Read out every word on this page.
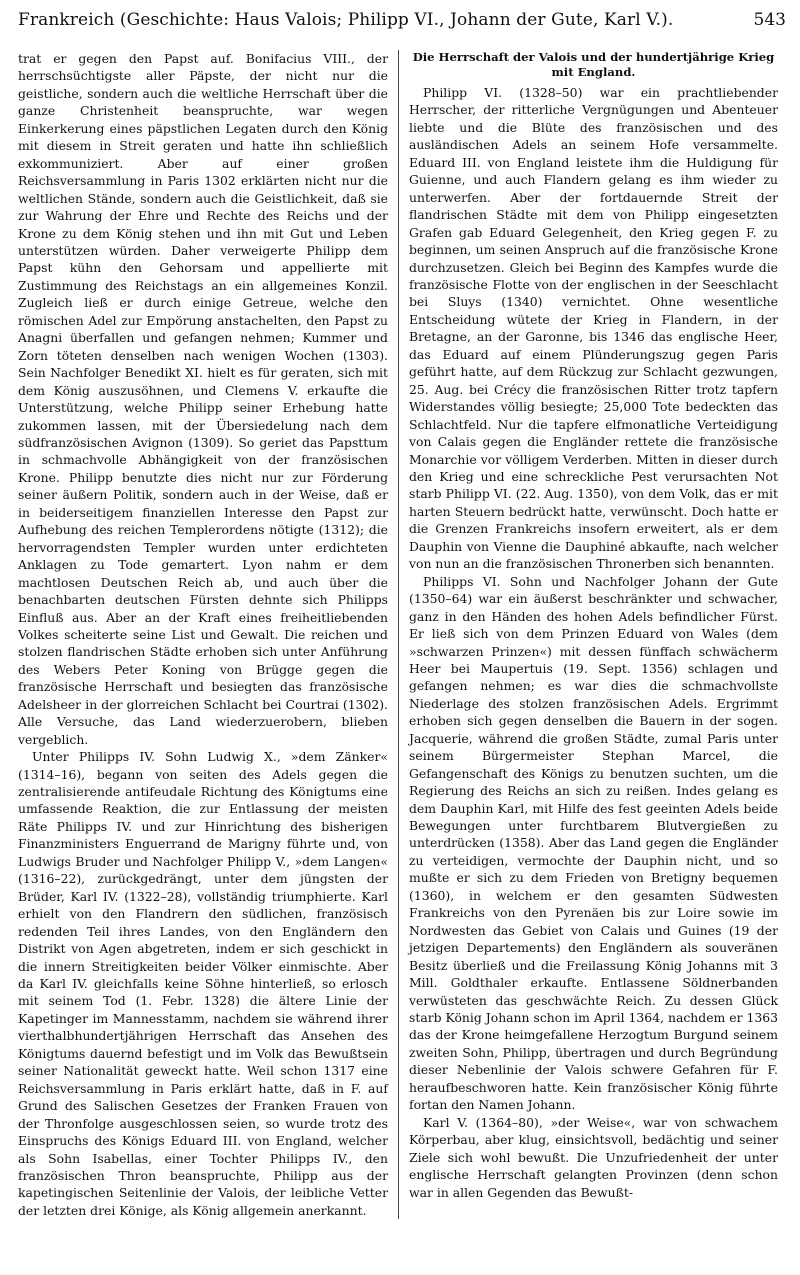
Frankreich (Geschichte: Haus Valois; Philipp VI., Johann der Gute, Karl V.).	543

trat er gegen den Papst auf. Bonifacius VIII., der herrschsüchtigste aller Päpste, der nicht nur die geistliche, sondern auch die weltliche Herrschaft über die ganze Christenheit beanspruchte, war wegen Einkerkerung eines päpstlichen Legaten durch den König mit diesem in Streit geraten und hatte ihn schließlich exkommuniziert. Aber auf einer großen Reichsversammlung in Paris 1302 erklärten nicht nur die weltlichen Stände, sondern auch die Geistlichkeit, daß sie zur Wahrung der Ehre und Rechte des Reichs und der Krone zu dem König stehen und ihn mit Gut und Leben unterstützen würden. Daher verweigerte Philipp dem Papst kühn den Gehorsam und appellierte mit Zustimmung des Reichstags an ein allgemeines Konzil. Zugleich ließ er durch einige Getreue, welche den römischen Adel zur Empörung anstachelten, den Papst zu Anagni überfallen und gefangen nehmen; Kummer und Zorn töteten denselben nach wenigen Wochen (1303). Sein Nachfolger Benedikt XI. hielt es für geraten, sich mit dem König auszusöhnen, und Clemens V. erkaufte die Unterstützung, welche Philipp seiner Erhebung hatte zukommen lassen, mit der Übersiedelung nach dem südfranzösischen Avignon (1309). So geriet das Papsttum in schmachvolle Abhängigkeit von der französischen Krone. Philipp benutzte dies nicht nur zur Förderung seiner äußern Politik, sondern auch in der Weise, daß er in beiderseitigem finanziellen Interesse den Papst zur Aufhebung des reichen Templerordens nötigte (1312); die hervorragendsten Templer wurden unter erdichteten Anklagen zu Tode gemartert. Lyon nahm er dem machtlosen Deutschen Reich ab, und auch über die benachbarten deutschen Fürsten dehnte sich Philipps Einfluß aus. Aber an der Kraft eines freiheitliebenden Volkes scheiterte seine List und Gewalt. Die reichen und stolzen flandrischen Städte erhoben sich unter Anführung des Webers Peter Koning von Brügge gegen die französische Herrschaft und besiegten das französische Adelsheer in der glorreichen Schlacht bei Courtrai (1302). Alle Versuche, das Land wiederzuerobern, blieben vergeblich.

Unter Philipps IV. Sohn Ludwig X., »dem Zänker« (1314–16), begann von seiten des Adels gegen die zentralisierende antifeudale Richtung des Königtums eine umfassende Reaktion, die zur Entlassung der meisten Räte Philipps IV. und zur Hinrichtung des bisherigen Finanzministers Enguerrand de Marigny führte und, von Ludwigs Bruder und Nachfolger Philipp V., »dem Langen« (1316–22), zurückgedrängt, unter dem jüngsten der Brüder, Karl IV. (1322–28), vollständig triumphierte. Karl erhielt von den Flandrern den südlichen, französisch redenden Teil ihres Landes, von den Engländern den Distrikt von Agen abgetreten, indem er sich geschickt in die innern Streitigkeiten beider Völker einmischte. Aber da Karl IV. gleichfalls keine Söhne hinterließ, so erlosch mit seinem Tod (1. Febr. 1328) die ältere Linie der Kapetinger im Mannesstamm, nachdem sie während ihrer vierthalbhundertjährigen Herrschaft das Ansehen des Königtums dauernd befestigt und im Volk das Bewußtsein seiner Nationalität geweckt hatte. Weil schon 1317 eine Reichsversammlung in Paris erklärt hatte, daß in F. auf Grund des Salischen Gesetzes der Franken Frauen von der Thronfolge ausgeschlossen seien, so wurde trotz des Einspruchs des Königs Eduard III. von England, welcher als Sohn Isabellas, einer Tochter Philipps IV., den französischen Thron beanspruchte, Philipp aus der kapetingischen Seitenlinie der Valois, der leibliche Vetter der letzten drei Könige, als König allgemein anerkannt.

Die Herrschaft der Valois und der hundertjährige Krieg mit England.

Philipp VI. (1328–50) war ein prachtliebender Herrscher, der ritterliche Vergnügungen und Abenteuer liebte und die Blüte des französischen und des ausländischen Adels an seinem Hofe versammelte. Eduard III. von England leistete ihm die Huldigung für Guienne, und auch Flandern gelang es ihm wieder zu unterwerfen. Aber der fortdauernde Streit der flandrischen Städte mit dem von Philipp eingesetzten Grafen gab Eduard Gelegenheit, den Krieg gegen F. zu beginnen, um seinen Anspruch auf die französische Krone durchzusetzen. Gleich bei Beginn des Kampfes wurde die französische Flotte von der englischen in der Seeschlacht bei Sluys (1340) vernichtet. Ohne wesentliche Entscheidung wütete der Krieg in Flandern, in der Bretagne, an der Garonne, bis 1346 das englische Heer, das Eduard auf einem Plünderungszug gegen Paris geführt hatte, auf dem Rückzug zur Schlacht gezwungen, 25. Aug. bei Crécy die französischen Ritter trotz tapfern Widerstandes völlig besiegte; 25,000 Tote bedeckten das Schlachtfeld. Nur die tapfere elfmonatliche Verteidigung von Calais gegen die Engländer rettete die französische Monarchie vor völligem Verderben. Mitten in dieser durch den Krieg und eine schreckliche Pest verursachten Not starb Philipp VI. (22. Aug. 1350), von dem Volk, das er mit harten Steuern bedrückt hatte, verwünscht. Doch hatte er die Grenzen Frankreichs insofern erweitert, als er dem Dauphin von Vienne die Dauphiné abkaufte, nach welcher von nun an die französischen Thronerben sich benannten.

Philipps VI. Sohn und Nachfolger Johann der Gute (1350–64) war ein äußerst beschränkter und schwacher, ganz in den Händen des hohen Adels befindlicher Fürst. Er ließ sich von dem Prinzen Eduard von Wales (dem »schwarzen Prinzen«) mit dessen fünffach schwächerm Heer bei Maupertuis (19. Sept. 1356) schlagen und gefangen nehmen; es war dies die schmachvollste Niederlage des stolzen französischen Adels. Ergrimmt erhoben sich gegen denselben die Bauern in der sogen. Jacquerie, während die großen Städte, zumal Paris unter seinem Bürgermeister Stephan Marcel, die Gefangenschaft des Königs zu benutzen suchten, um die Regierung des Reichs an sich zu reißen. Indes gelang es dem Dauphin Karl, mit Hilfe des fest geeinten Adels beide Bewegungen unter furchtbarem Blutvergießen zu unterdrücken (1358). Aber das Land gegen die Engländer zu verteidigen, vermochte der Dauphin nicht, und so mußte er sich zu dem Frieden von Bretigny bequemen (1360), in welchem er den gesamten Südwesten Frankreichs von den Pyrenäen bis zur Loire sowie im Nordwesten das Gebiet von Calais und Guines (19 der jetzigen Departements) den Engländern als souveränen Besitz überließ und die Freilassung König Johanns mit 3 Mill. Goldthaler erkaufte. Entlassene Söldnerbanden verwüsteten das geschwächte Reich. Zu dessen Glück starb König Johann schon im April 1364, nachdem er 1363 das der Krone heimgefallene Herzogtum Burgund seinem zweiten Sohn, Philipp, übertragen und durch Begründung dieser Nebenlinie der Valois schwere Gefahren für F. heraufbeschworen hatte. Kein französischer König führte fortan den Namen Johann.

Karl V. (1364–80), »der Weise«, war von schwachem Körperbau, aber klug, einsichtsvoll, bedächtig und seiner Ziele sich wohl bewußt. Die Unzufriedenheit der unter englische Herrschaft gelangten Provinzen (denn schon war in allen Gegenden das Bewußt-
